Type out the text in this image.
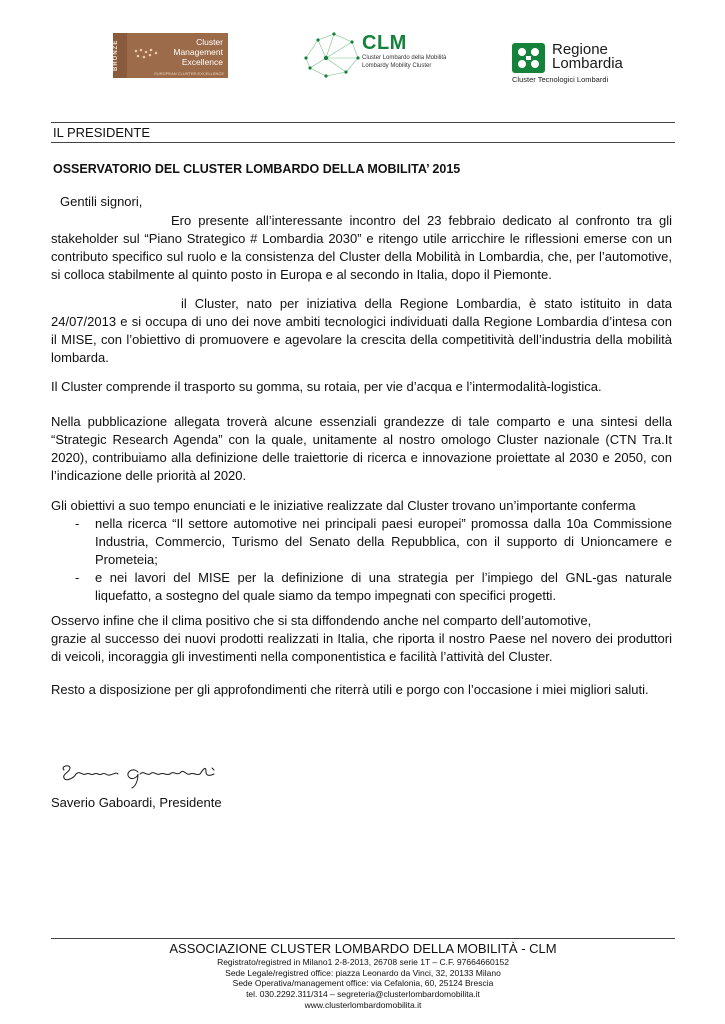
BRONZE	Cluster
Management
Excellence
EUROPEAN CLUSTER EXCELLENCE
CLM
Cluster Lombardo della Mobilità
Lombardy Mobility Cluster
Regione
Lombardia
Cluster Tecnologici Lombardi
IL PRESIDENTE
OSSERVATORIO DEL CLUSTER LOMBARDO DELLA MOBILITA’ 2015
Gentili signori,
Ero presente all’interessante incontro del 23 febbraio dedicato al confronto tra gli stakeholder sul “Piano Strategico # Lombardia 2030” e ritengo utile arricchire le riflessioni emerse con un contributo specifico sul ruolo e la consistenza del Cluster della Mobilità in Lombardia, che, per l’automotive, si colloca stabilmente al quinto posto in Europa e al secondo in Italia, dopo il Piemonte.
il Cluster, nato per iniziativa della Regione Lombardia, è stato istituito in data 24/07/2013 e si occupa di uno dei nove ambiti tecnologici individuati dalla Regione Lombardia d’intesa con il MISE, con l’obiettivo di promuovere e agevolare la crescita della competitività dell’industria della mobilità lombarda.
Il Cluster comprende il trasporto su gomma, su rotaia, per vie d’acqua e l’intermodalità-logistica.
Nella pubblicazione allegata troverà alcune essenziali grandezze di tale comparto e una sintesi della “Strategic Research Agenda” con la quale, unitamente al nostro omologo Cluster nazionale (CTN Tra.It 2020), contribuiamo alla definizione delle traiettorie di ricerca e innovazione proiettate al 2030 e 2050, con l’indicazione delle priorità al 2020.
Gli obiettivi a suo tempo enunciati e le iniziative realizzate dal Cluster trovano un’importante conferma
-	nella ricerca “Il settore automotive nei principali paesi europei” promossa dalla 10a Commissione Industria, Commercio, Turismo del Senato della Repubblica, con il supporto di Unioncamere e Prometeia;
-	e nei lavori del MISE per la definizione di una strategia per l’impiego del GNL-gas naturale liquefatto, a sostegno del quale siamo da tempo impegnati con specifici progetti.
Osservo infine che il clima positivo che si sta diffondendo anche nel comparto dell’automotive,
grazie al successo dei nuovi prodotti realizzati in Italia, che riporta il nostro Paese nel novero dei produttori di veicoli, incoraggia gli investimenti nella componentistica e facilità l’attività del Cluster.
Resto a disposizione per gli approfondimenti che riterrà utili e porgo con l’occasione i miei migliori saluti.
Saverio Gaboardi, Presidente
ASSOCIAZIONE CLUSTER LOMBARDO DELLA MOBILITÀ - CLM
Registrato/registred in Milano1 2-8-2013, 26708 serie 1T – C.F. 97664660152
Sede Legale/registred office: piazza Leonardo da Vinci, 32, 20133 Milano
Sede Operativa/management office: via Cefalonia, 60, 25124 Brescia
tel. 030.2292.311/314 – segreteria@clusterlombardomobilita.it
www.clusterlombardomobilita.it
